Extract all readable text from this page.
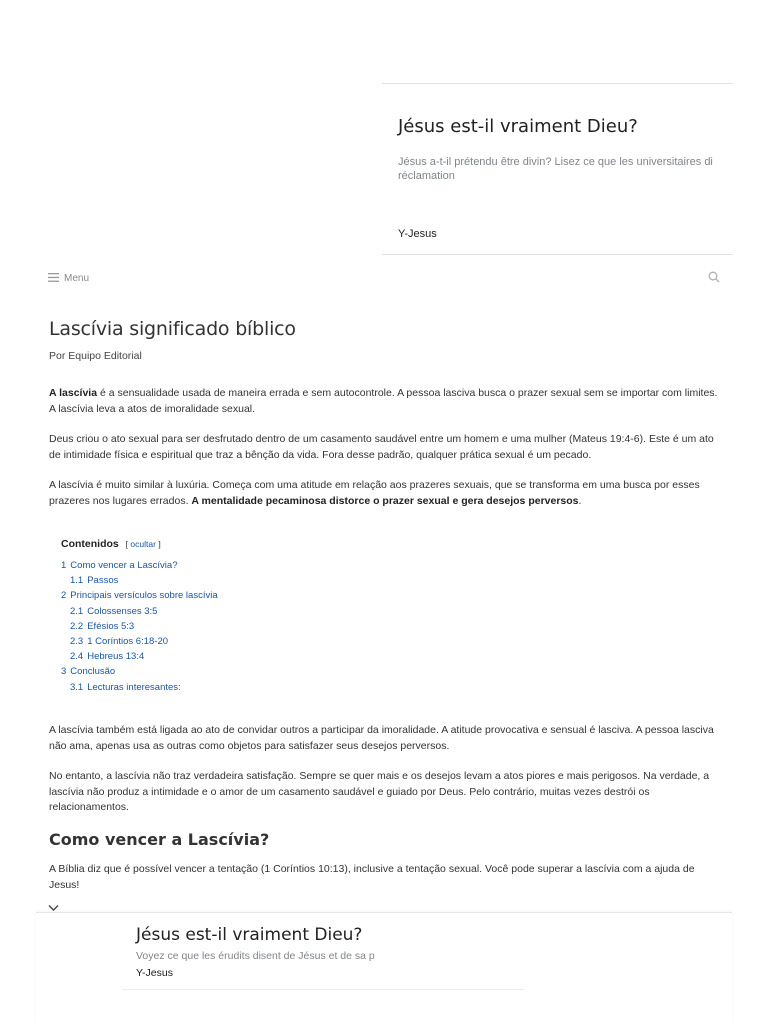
Jésus est-il vraiment Dieu?
Jésus a-t-il prétendu être divin? Lisez ce que les universitaires di réclamation
Y-Jesus
Menu
Lascívia significado bíblico
Por Equipo Editorial

A lascívia é a sensualidade usada de maneira errada e sem autocontrole. A pessoa lasciva busca o prazer sexual sem se importar com limites. A lascívia leva a atos de imoralidade sexual.

Deus criou o ato sexual para ser desfrutado dentro de um casamento saudável entre um homem e uma mulher (Mateus 19:4-6). Este é um ato de intimidade física e espiritual que traz a bênção da vida. Fora desse padrão, qualquer prática sexual é um pecado.

A lascívia é muito similar à luxúria. Começa com uma atitude em relação aos prazeres sexuais, que se transforma em uma busca por esses prazeres nos lugares errados. A mentalidade pecaminosa distorce o prazer sexual e gera desejos perversos.

Contenidos [ ocultar ]
1 Como vencer a Lascívia?
1.1 Passos
2 Principais versículos sobre lascívia
2.1 Colossenses 3:5
2.2 Efésios 5:3
2.3 1 Coríntios 6:18-20
2.4 Hebreus 13:4
3 Conclusão
3.1 Lecturas interesantes:

A lascívia também está ligada ao ato de convidar outros a participar da imoralidade. A atitude provocativa e sensual é lasciva. A pessoa lasciva não ama, apenas usa as outras como objetos para satisfazer seus desejos perversos.

No entanto, a lascívia não traz verdadeira satisfação. Sempre se quer mais e os desejos levam a atos piores e mais perigosos. Na verdade, a lascívia não produz a intimidade e o amor de um casamento saudável e guiado por Deus. Pelo contrário, muitas vezes destrói os relacionamentos.

Como vencer a Lascívia?

A Bíblia diz que é possível vencer a tentação (1 Coríntios 10:13), inclusive a tentação sexual. Você pode superar a lascívia com a ajuda de Jesus!

Jésus est-il vraiment Dieu?
Voyez ce que les érudits disent de Jésus et de sa p
Y-Jesus
